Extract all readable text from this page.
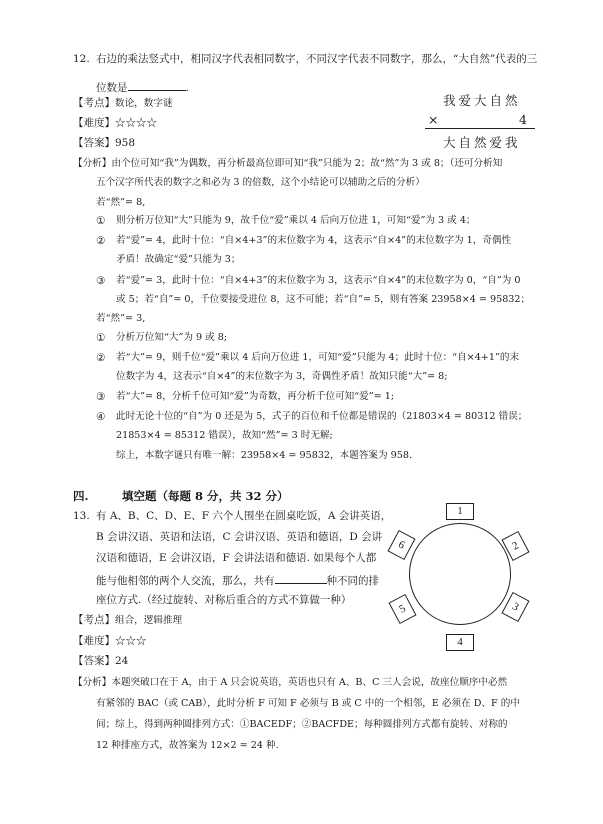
12. 右边的乘法竖式中，相同汉字代表相同数字，不同汉字代表不同数字，那么，“大自然”代表的三
位数是	.
我爱大自然
×	4
大自然爱我
【考点】数论，数字谜
【难度】☆☆☆☆
【答案】958
【分析】由个位可知“我”为偶数，再分析最高位即可知“我”只能为 2；故“然”为 3 或 8；（还可分析知
五个汉字所代表的数字之和必为 3 的倍数，这个小结论可以辅助之后的分析）
若“然”= 8,
① 则分析万位知“大”只能为 9，故千位“爱”乘以 4 后向万位进 1，可知“爱”为 3 或 4；
② 若“爱”= 4，此时十位：“自×4+3”的末位数字为 4，这表示“自×4”的末位数字为 1，奇偶性
矛盾！故确定“爱”只能为 3；
③ 若“爱”= 3，此时十位：“自×4+3”的末位数字为 3，这表示“自×4”的末位数字为 0，“自”为 0
或 5；若“自”= 0，千位要接受进位 8，这不可能；若“自”= 5，则有答案 23958×4 = 95832；
若“然”= 3,
① 分析万位知“大”为 9 或 8;
② 若“大”= 9，则千位“爱”乘以 4 后向万位进 1，可知“爱”只能为 4；此时十位：“自×4+1”的末
位数字为 4，这表示“自×4”的末位数字为 3，奇偶性矛盾！故知只能“大”= 8;
③ 若“大”= 8，分析千位可知“爱”为奇数，再分析千位可知“爱”= 1;
④ 此时无论十位的“自”为 0 还是为 5，式子的百位和千位都是错误的（21803×4 = 80312 错误；
21853×4 = 85312 错误），故知“然”= 3 时无解;
综上，本数字谜只有唯一解：23958×4 = 95832，本题答案为 958.
四.	填空题（每题 8 分，共 32 分）
13. 有 A、B、C、D、E、F 六个人围坐在圆桌吃饭，A 会讲英语，
B 会讲汉语、英语和法语，C 会讲汉语、英语和德语，D 会讲
汉语和德语，E 会讲汉语，F 会讲法语和德语. 如果每个人都
能与他相邻的两个人交流，那么，共有	种不同的排
座位方式.（经过旋转、对称后重合的方式不算做一种）
1
2
3
4
5
6
【考点】组合，逻辑推理
【难度】☆☆☆
【答案】24
【分析】本题突破口在于 A，由于 A 只会说英语，英语也只有 A、B、C 三人会说，故座位顺序中必然
有紧邻的 BAC（或 CAB），此时分析 F 可知 F 必须与 B 或 C 中的一个相邻，E 必须在 D、F 的中
间；综上，得到两种圆排列方式：①BACEDF；②BACFDE；每种圆排列方式都有旋转、对称的
12 种排座方式，故答案为 12×2 = 24 种.
